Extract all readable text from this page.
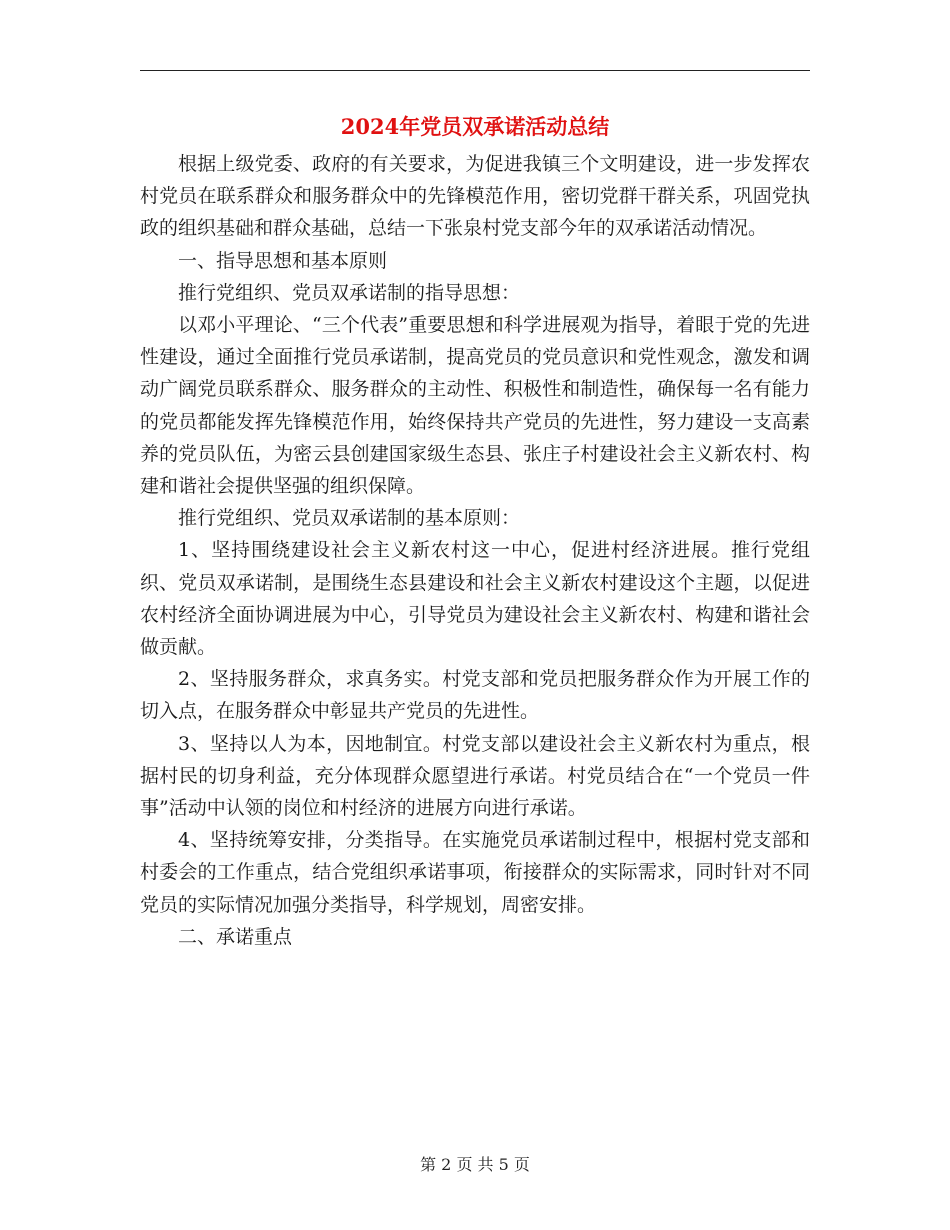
2024年党员双承诺活动总结

根据上级党委、政府的有关要求，为促进我镇三个文明建设，进一步发挥农村党员在联系群众和服务群众中的先锋模范作用，密切党群干群关系，巩固党执政的组织基础和群众基础，总结一下张泉村党支部今年的双承诺活动情况。

一、指导思想和基本原则

推行党组织、党员双承诺制的指导思想：

以邓小平理论、“三个代表”重要思想和科学进展观为指导，着眼于党的先进性建设，通过全面推行党员承诺制，提高党员的党员意识和党性观念，激发和调动广阔党员联系群众、服务群众的主动性、积极性和制造性，确保每一名有能力的党员都能发挥先锋模范作用，始终保持共产党员的先进性，努力建设一支高素养的党员队伍，为密云县创建国家级生态县、张庄子村建设社会主义新农村、构建和谐社会提供坚强的组织保障。

推行党组织、党员双承诺制的基本原则：

1、坚持围绕建设社会主义新农村这一中心，促进村经济进展。推行党组织、党员双承诺制，是围绕生态县建设和社会主义新农村建设这个主题，以促进农村经济全面协调进展为中心，引导党员为建设社会主义新农村、构建和谐社会做贡献。

2、坚持服务群众，求真务实。村党支部和党员把服务群众作为开展工作的切入点，在服务群众中彰显共产党员的先进性。

3、坚持以人为本，因地制宜。村党支部以建设社会主义新农村为重点，根据村民的切身利益，充分体现群众愿望进行承诺。村党员结合在“一个党员一件事”活动中认领的岗位和村经济的进展方向进行承诺。

4、坚持统筹安排，分类指导。在实施党员承诺制过程中，根据村党支部和村委会的工作重点，结合党组织承诺事项，衔接群众的实际需求，同时针对不同党员的实际情况加强分类指导，科学规划，周密安排。

二、承诺重点

第 2 页 共 5 页
